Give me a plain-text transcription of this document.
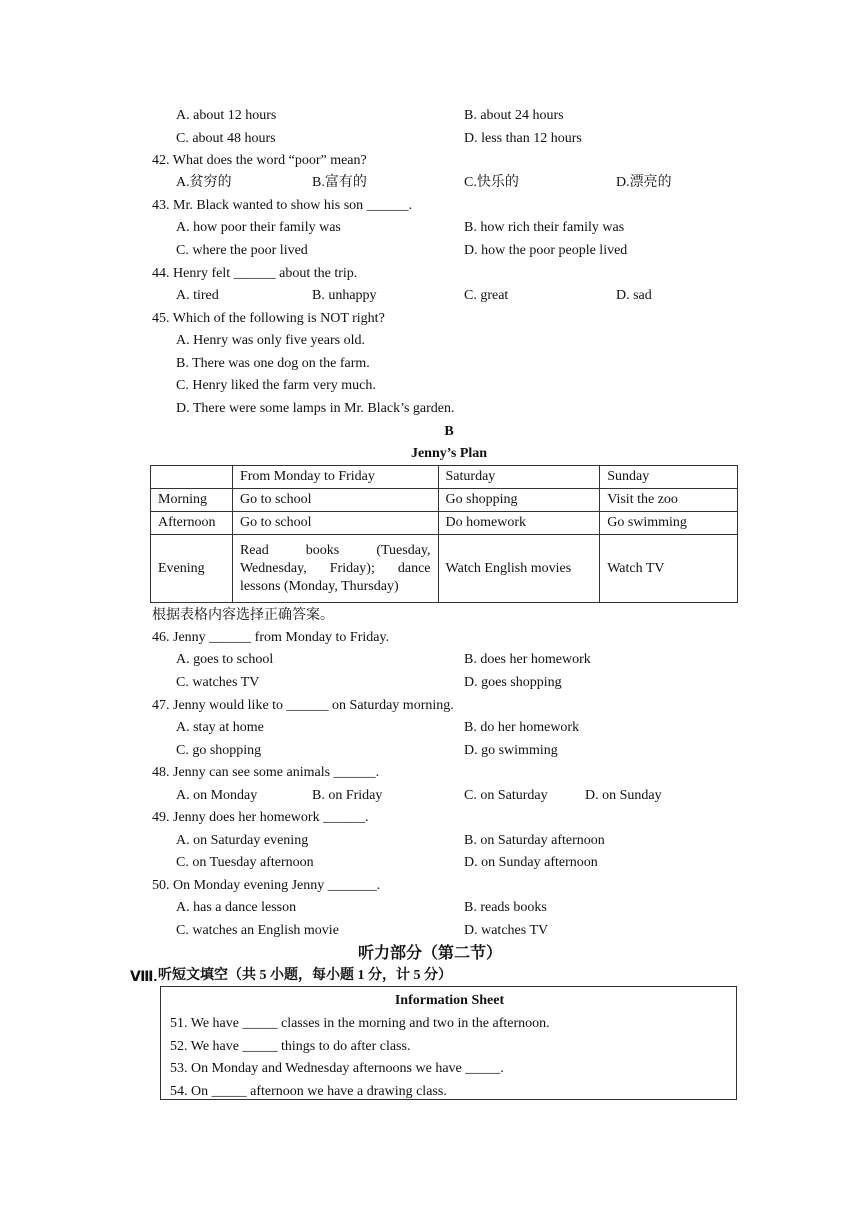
A. about 12 hours	B. about 24 hours
C. about 48 hours	D. less than 12 hours
42. What does the word “poor” mean?
A.贫穷的	B.富有的	C.快乐的	D.漂亮的
43. Mr. Black wanted to show his son ______.
A. how poor their family was	B. how rich their family was
C. where the poor lived	D. how the poor people lived
44. Henry felt ______ about the trip.
A. tired	B. unhappy	C. great	D. sad
45. Which of the following is NOT right?
A. Henry was only five years old.
B. There was one dog on the farm.
C. Henry liked the farm very much.
D. There were some lamps in Mr. Black’s garden.
B
Jenny’s Plan
	From Monday to Friday	Saturday	Sunday
Morning	Go to school	Go shopping	Visit the zoo
Afternoon	Go to school	Do homework	Go swimming
Evening	Read books (Tuesday, Wednesday, Friday); dance lessons (Monday, Thursday)	Watch English movies	Watch TV
根据表格内容选择正确答案。
46. Jenny ______ from Monday to Friday.
A. goes to school	B. does her homework
C. watches TV	D. goes shopping
47. Jenny would like to ______ on Saturday morning.
A. stay at home	B. do her homework
C. go shopping	D. go swimming
48. Jenny can see some animals ______.
A. on Monday	B. on Friday	C. on Saturday	D. on Sunday
49. Jenny does her homework ______.
A. on Saturday evening	B. on Saturday afternoon
C. on Tuesday afternoon	D. on Sunday afternoon
50. On Monday evening Jenny _______.
A. has a dance lesson	B. reads books
C. watches an English movie	D. watches TV
听力部分（第二节）
Ⅷ. 听短文填空（共 5 小题，每小题 1 分，计 5 分）
Information Sheet
51. We have _____ classes in the morning and two in the afternoon.
52. We have _____ things to do after class.
53. On Monday and Wednesday afternoons we have _____.
54. On _____ afternoon we have a drawing class.
